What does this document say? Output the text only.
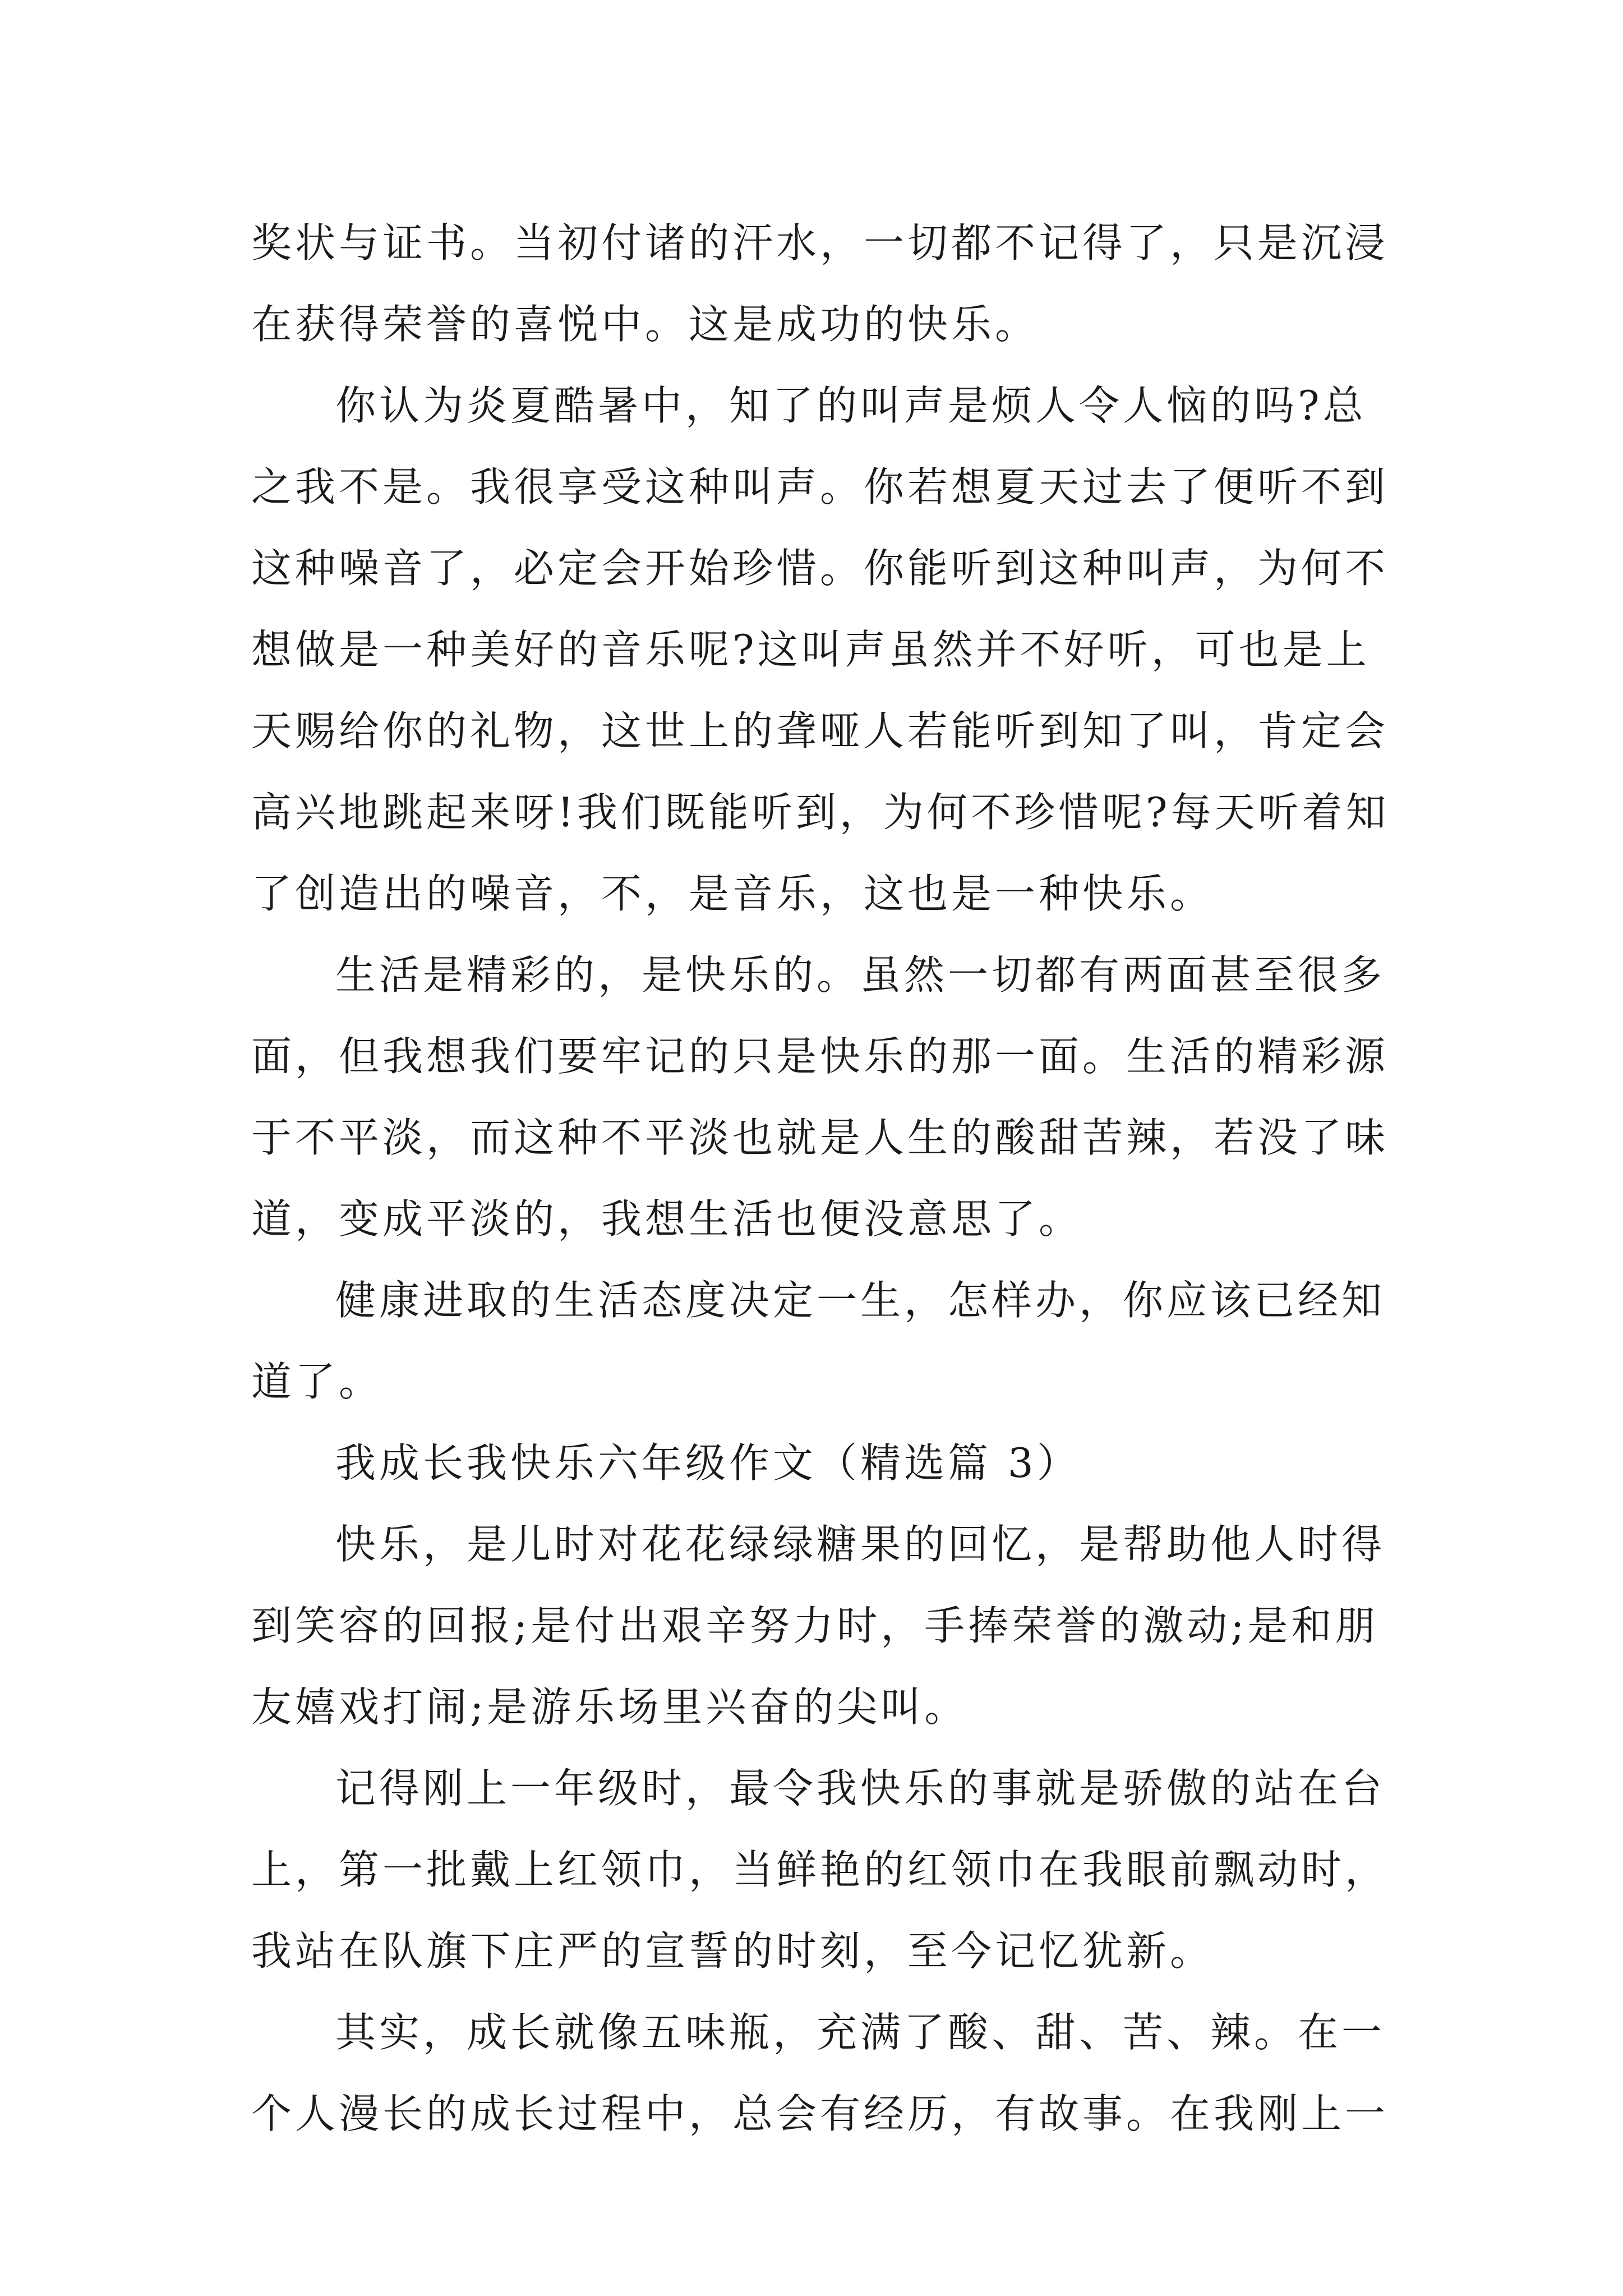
奖状与证书。当初付诸的汗水，一切都不记得了，只是沉浸
在获得荣誉的喜悦中。这是成功的快乐。
你认为炎夏酷暑中，知了的叫声是烦人令人恼的吗?总
之我不是。我很享受这种叫声。你若想夏天过去了便听不到
这种噪音了，必定会开始珍惜。你能听到这种叫声，为何不
想做是一种美好的音乐呢?这叫声虽然并不好听，可也是上
天赐给你的礼物，这世上的聋哑人若能听到知了叫，肯定会
高兴地跳起来呀!我们既能听到，为何不珍惜呢?每天听着知
了创造出的噪音，不，是音乐，这也是一种快乐。
生活是精彩的，是快乐的。虽然一切都有两面甚至很多
面，但我想我们要牢记的只是快乐的那一面。生活的精彩源
于不平淡，而这种不平淡也就是人生的酸甜苦辣，若没了味
道，变成平淡的，我想生活也便没意思了。
健康进取的生活态度决定一生，怎样办，你应该已经知
道了。
我成长我快乐六年级作文（精选篇 3）
快乐，是儿时对花花绿绿糖果的回忆，是帮助他人时得
到笑容的回报;是付出艰辛努力时，手捧荣誉的激动;是和朋
友嬉戏打闹;是游乐场里兴奋的尖叫。
记得刚上一年级时，最令我快乐的事就是骄傲的站在台
上，第一批戴上红领巾，当鲜艳的红领巾在我眼前飘动时，
我站在队旗下庄严的宣誓的时刻，至今记忆犹新。
其实，成长就像五味瓶，充满了酸、甜、苦、辣。在一
个人漫长的成长过程中，总会有经历，有故事。在我刚上一
